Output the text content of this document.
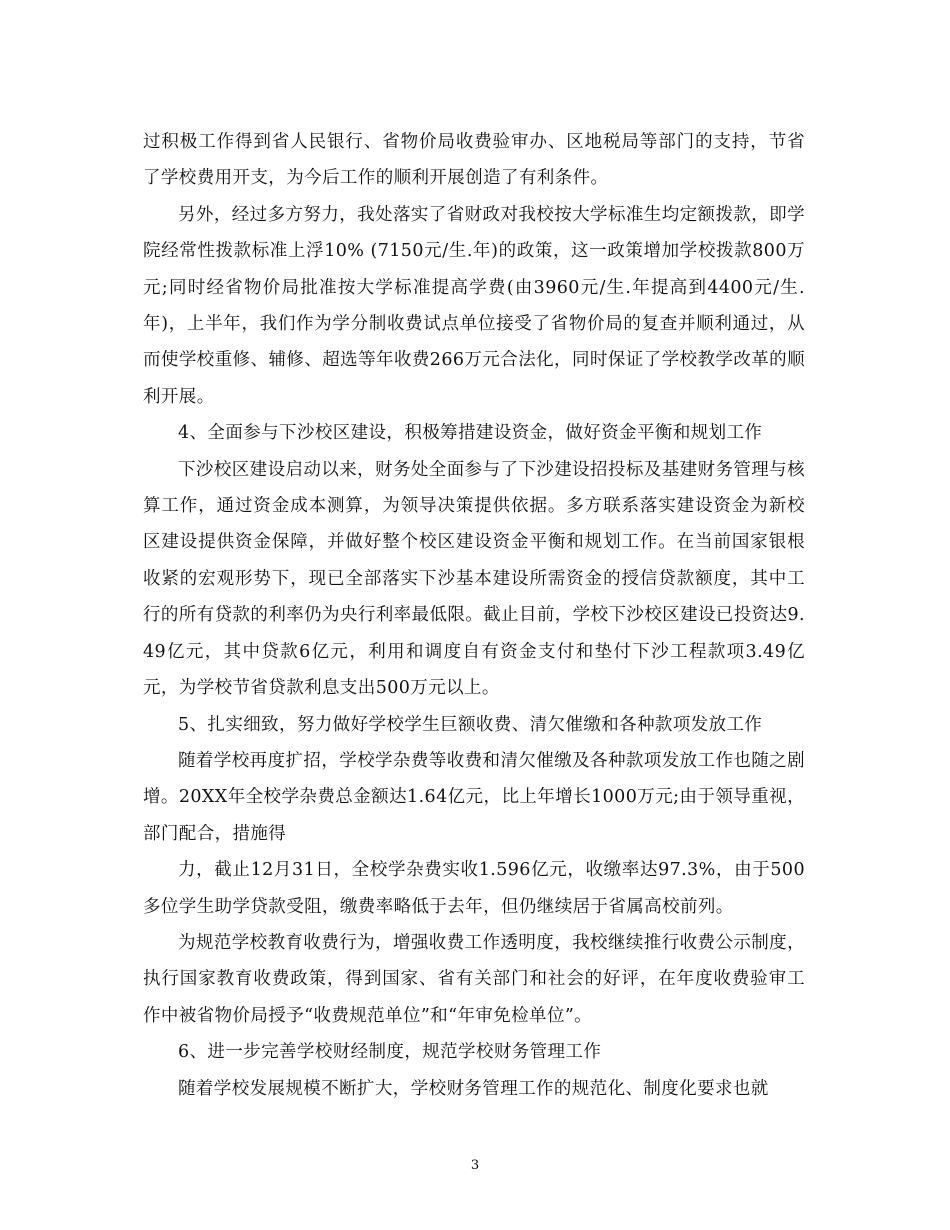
过积极工作得到省人民银行、省物价局收费验审办、区地税局等部门的支持，节省了学校费用开支，为今后工作的顺利开展创造了有利条件。

另外，经过多方努力，我处落实了省财政对我校按大学标准生均定额拨款，即学院经常性拨款标准上浮10% (7150元/生.年)的政策，这一政策增加学校拨款800万元;同时经省物价局批准按大学标准提高学费(由3960元/生.年提高到4400元/生.年)，上半年，我们作为学分制收费试点单位接受了省物价局的复查并顺利通过，从而使学校重修、辅修、超选等年收费266万元合法化，同时保证了学校教学改革的顺利开展。

4、全面参与下沙校区建设，积极筹措建设资金，做好资金平衡和规划工作

下沙校区建设启动以来，财务处全面参与了下沙建设招投标及基建财务管理与核算工作，通过资金成本测算，为领导决策提供依据。多方联系落实建设资金为新校区建设提供资金保障，并做好整个校区建设资金平衡和规划工作。在当前国家银根收紧的宏观形势下，现已全部落实下沙基本建设所需资金的授信贷款额度，其中工行的所有贷款的利率仍为央行利率最低限。截止目前，学校下沙校区建设已投资达9.49亿元，其中贷款6亿元，利用和调度自有资金支付和垫付下沙工程款项3.49亿元，为学校节省贷款利息支出500万元以上。

5、扎实细致，努力做好学校学生巨额收费、清欠催缴和各种款项发放工作

随着学校再度扩招，学校学杂费等收费和清欠催缴及各种款项发放工作也随之剧增。20XX年全校学杂费总金额达1.64亿元，比上年增长1000万元;由于领导重视，部门配合，措施得

力，截止12月31日，全校学杂费实收1.596亿元，收缴率达97.3%，由于500多位学生助学贷款受阻，缴费率略低于去年，但仍继续居于省属高校前列。

为规范学校教育收费行为，增强收费工作透明度，我校继续推行收费公示制度，执行国家教育收费政策，得到国家、省有关部门和社会的好评，在年度收费验审工作中被省物价局授予“收费规范单位”和“年审免检单位”。

6、进一步完善学校财经制度，规范学校财务管理工作

随着学校发展规模不断扩大，学校财务管理工作的规范化、制度化要求也就

3
